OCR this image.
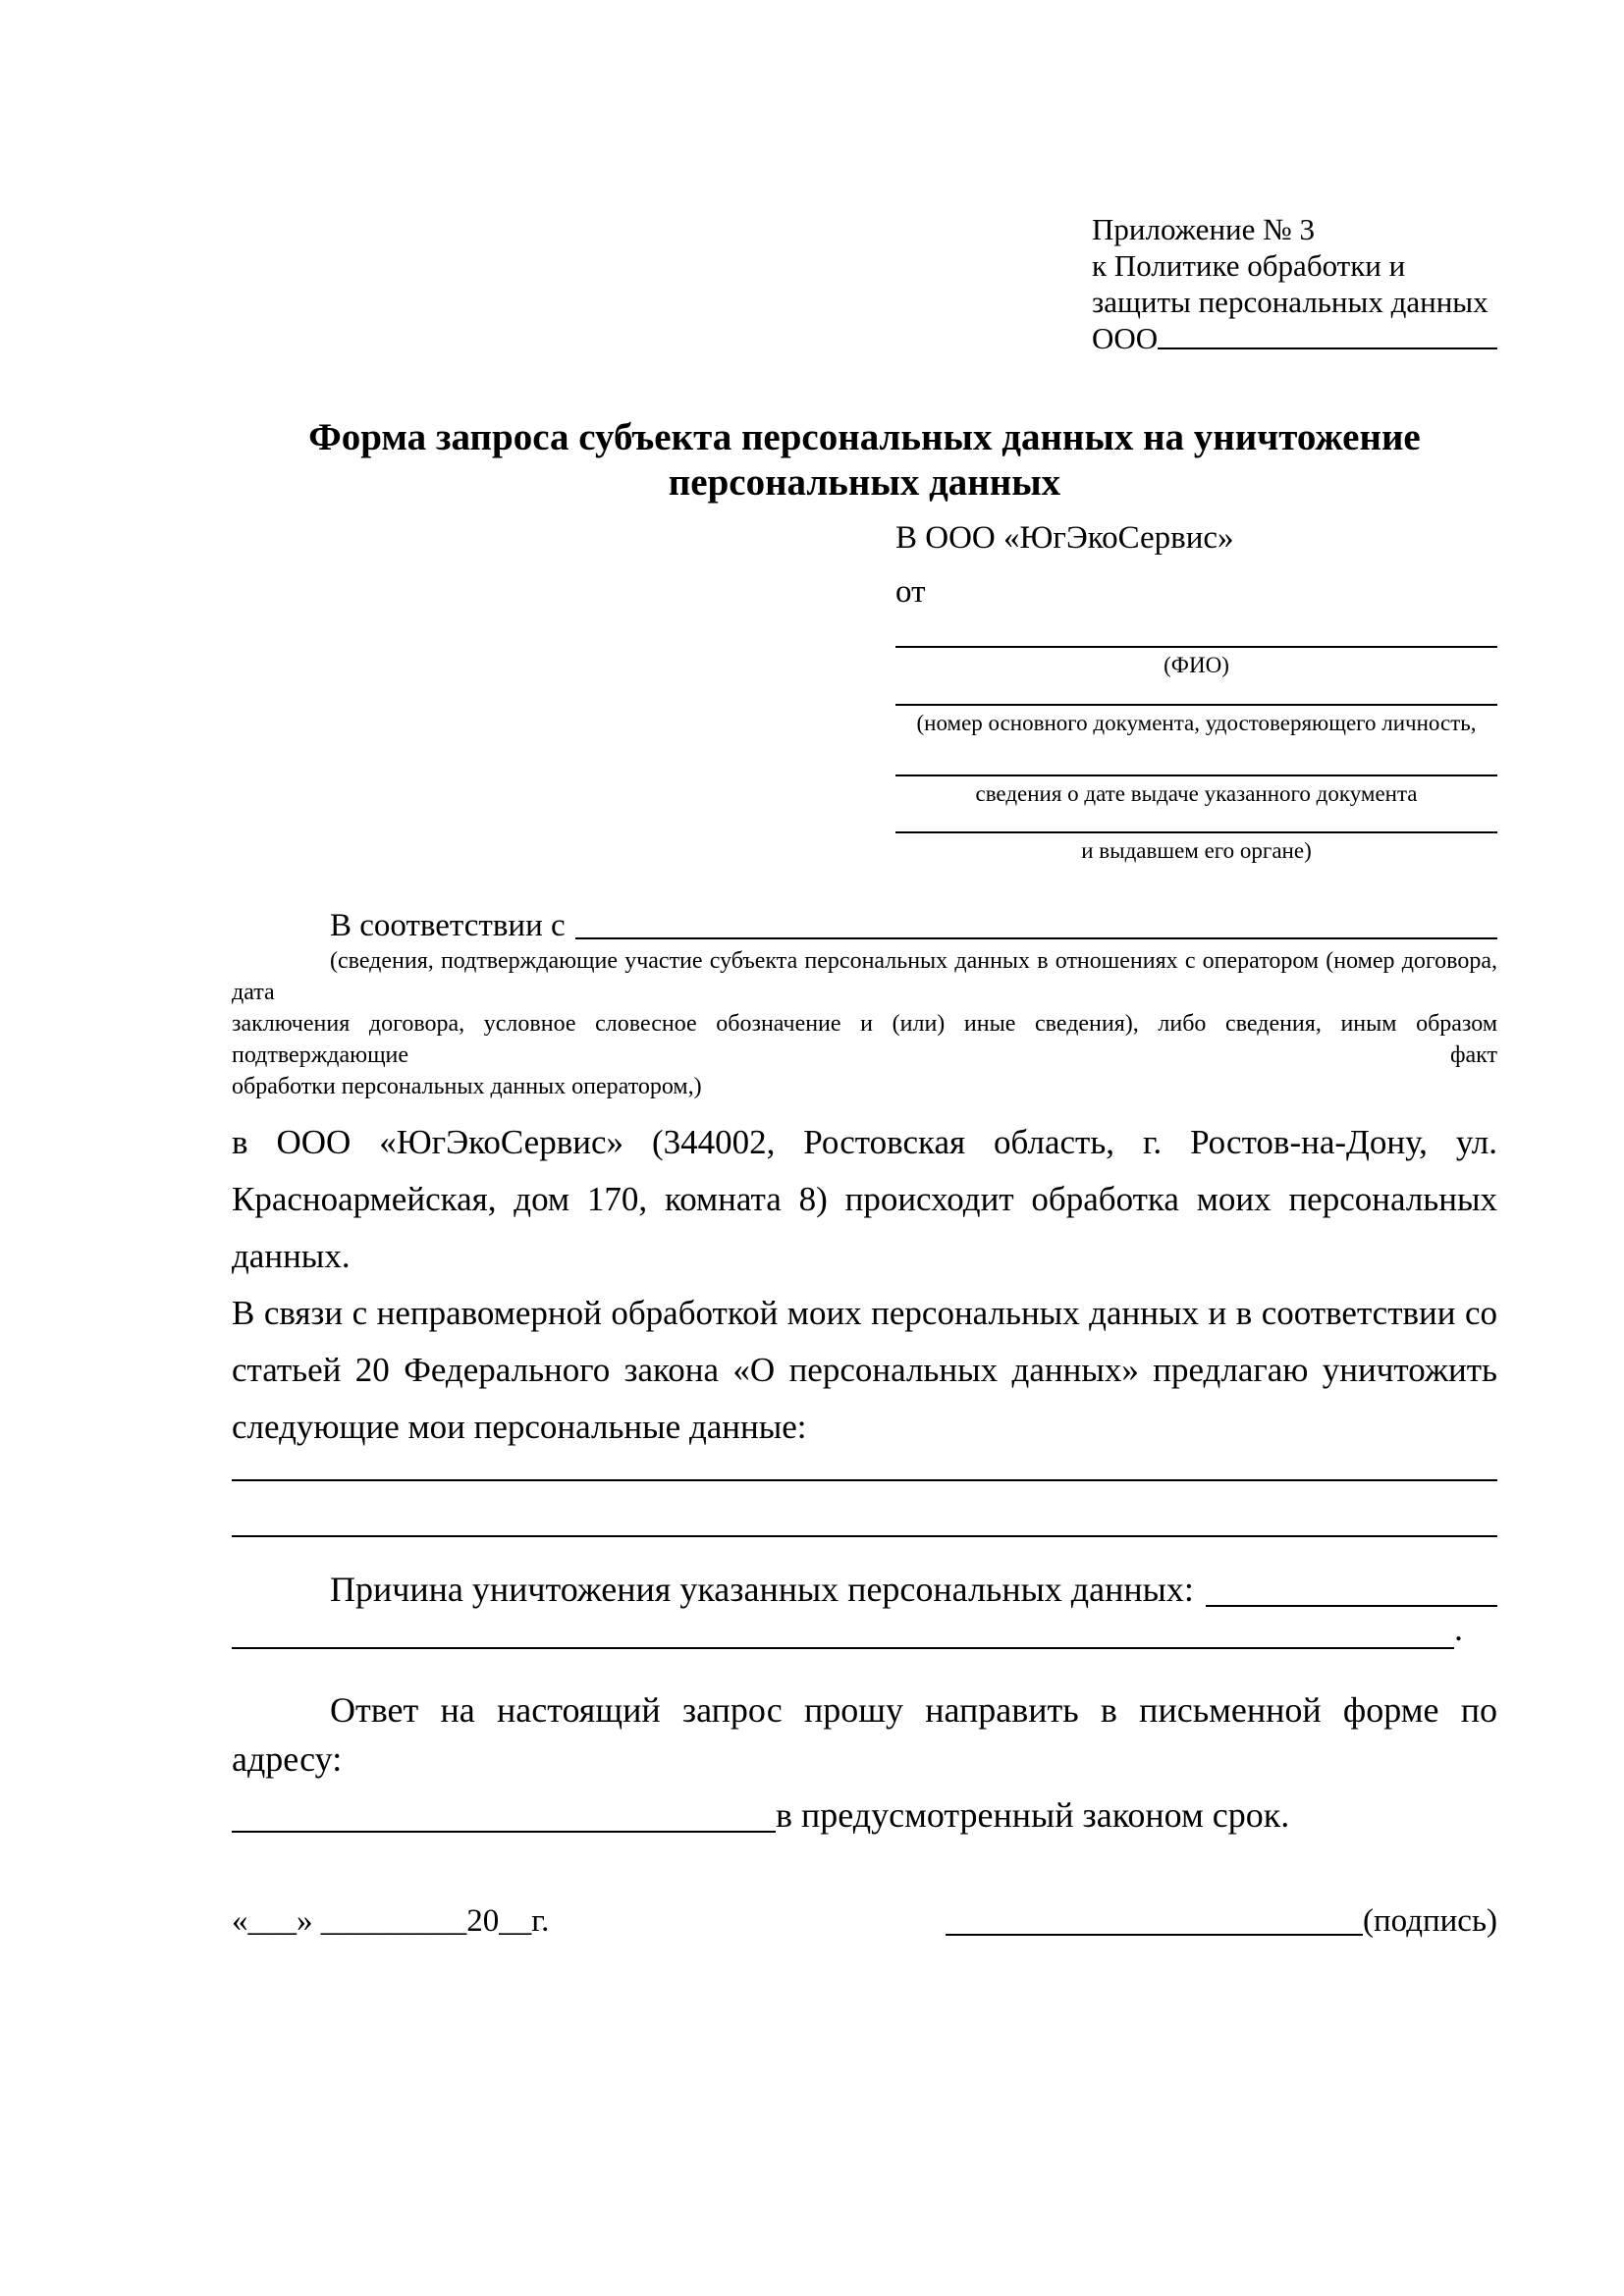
Приложение № 3
к Политике обработки и
защиты персональных данных
ООО
Форма запроса субъекта персональных данных на уничтожение
персональных данных
В ООО «ЮгЭкоСервис»
от
(ФИО)
(номер основного документа, удостоверяющего личность,
сведения о дате выдаче указанного документа
и выдавшем его органе)
В соответствии с
(сведения, подтверждающие участие субъекта персональных данных в отношениях с оператором (номер договора, дата
заключения договора, условное словесное обозначение и (или) иные сведения), либо сведения, иным образом подтверждающие факт
обработки персональных данных оператором,)
в ООО «ЮгЭкоСервис» (344002, Ростовская область, г. Ростов-на-Дону, ул.
Красноармейская, дом 170, комната 8) происходит обработка моих персональных данных.
В связи с неправомерной обработкой моих персональных данных и в соответствии со
статьей 20 Федерального закона «О персональных данных» предлагаю уничтожить
следующие мои персональные данные:
Причина уничтожения указанных персональных данных:
.
Ответ на настоящий запрос прошу направить в письменной форме по адресу:
в предусмотренный законом срок.
«___» _________20__г.	(подпись)
